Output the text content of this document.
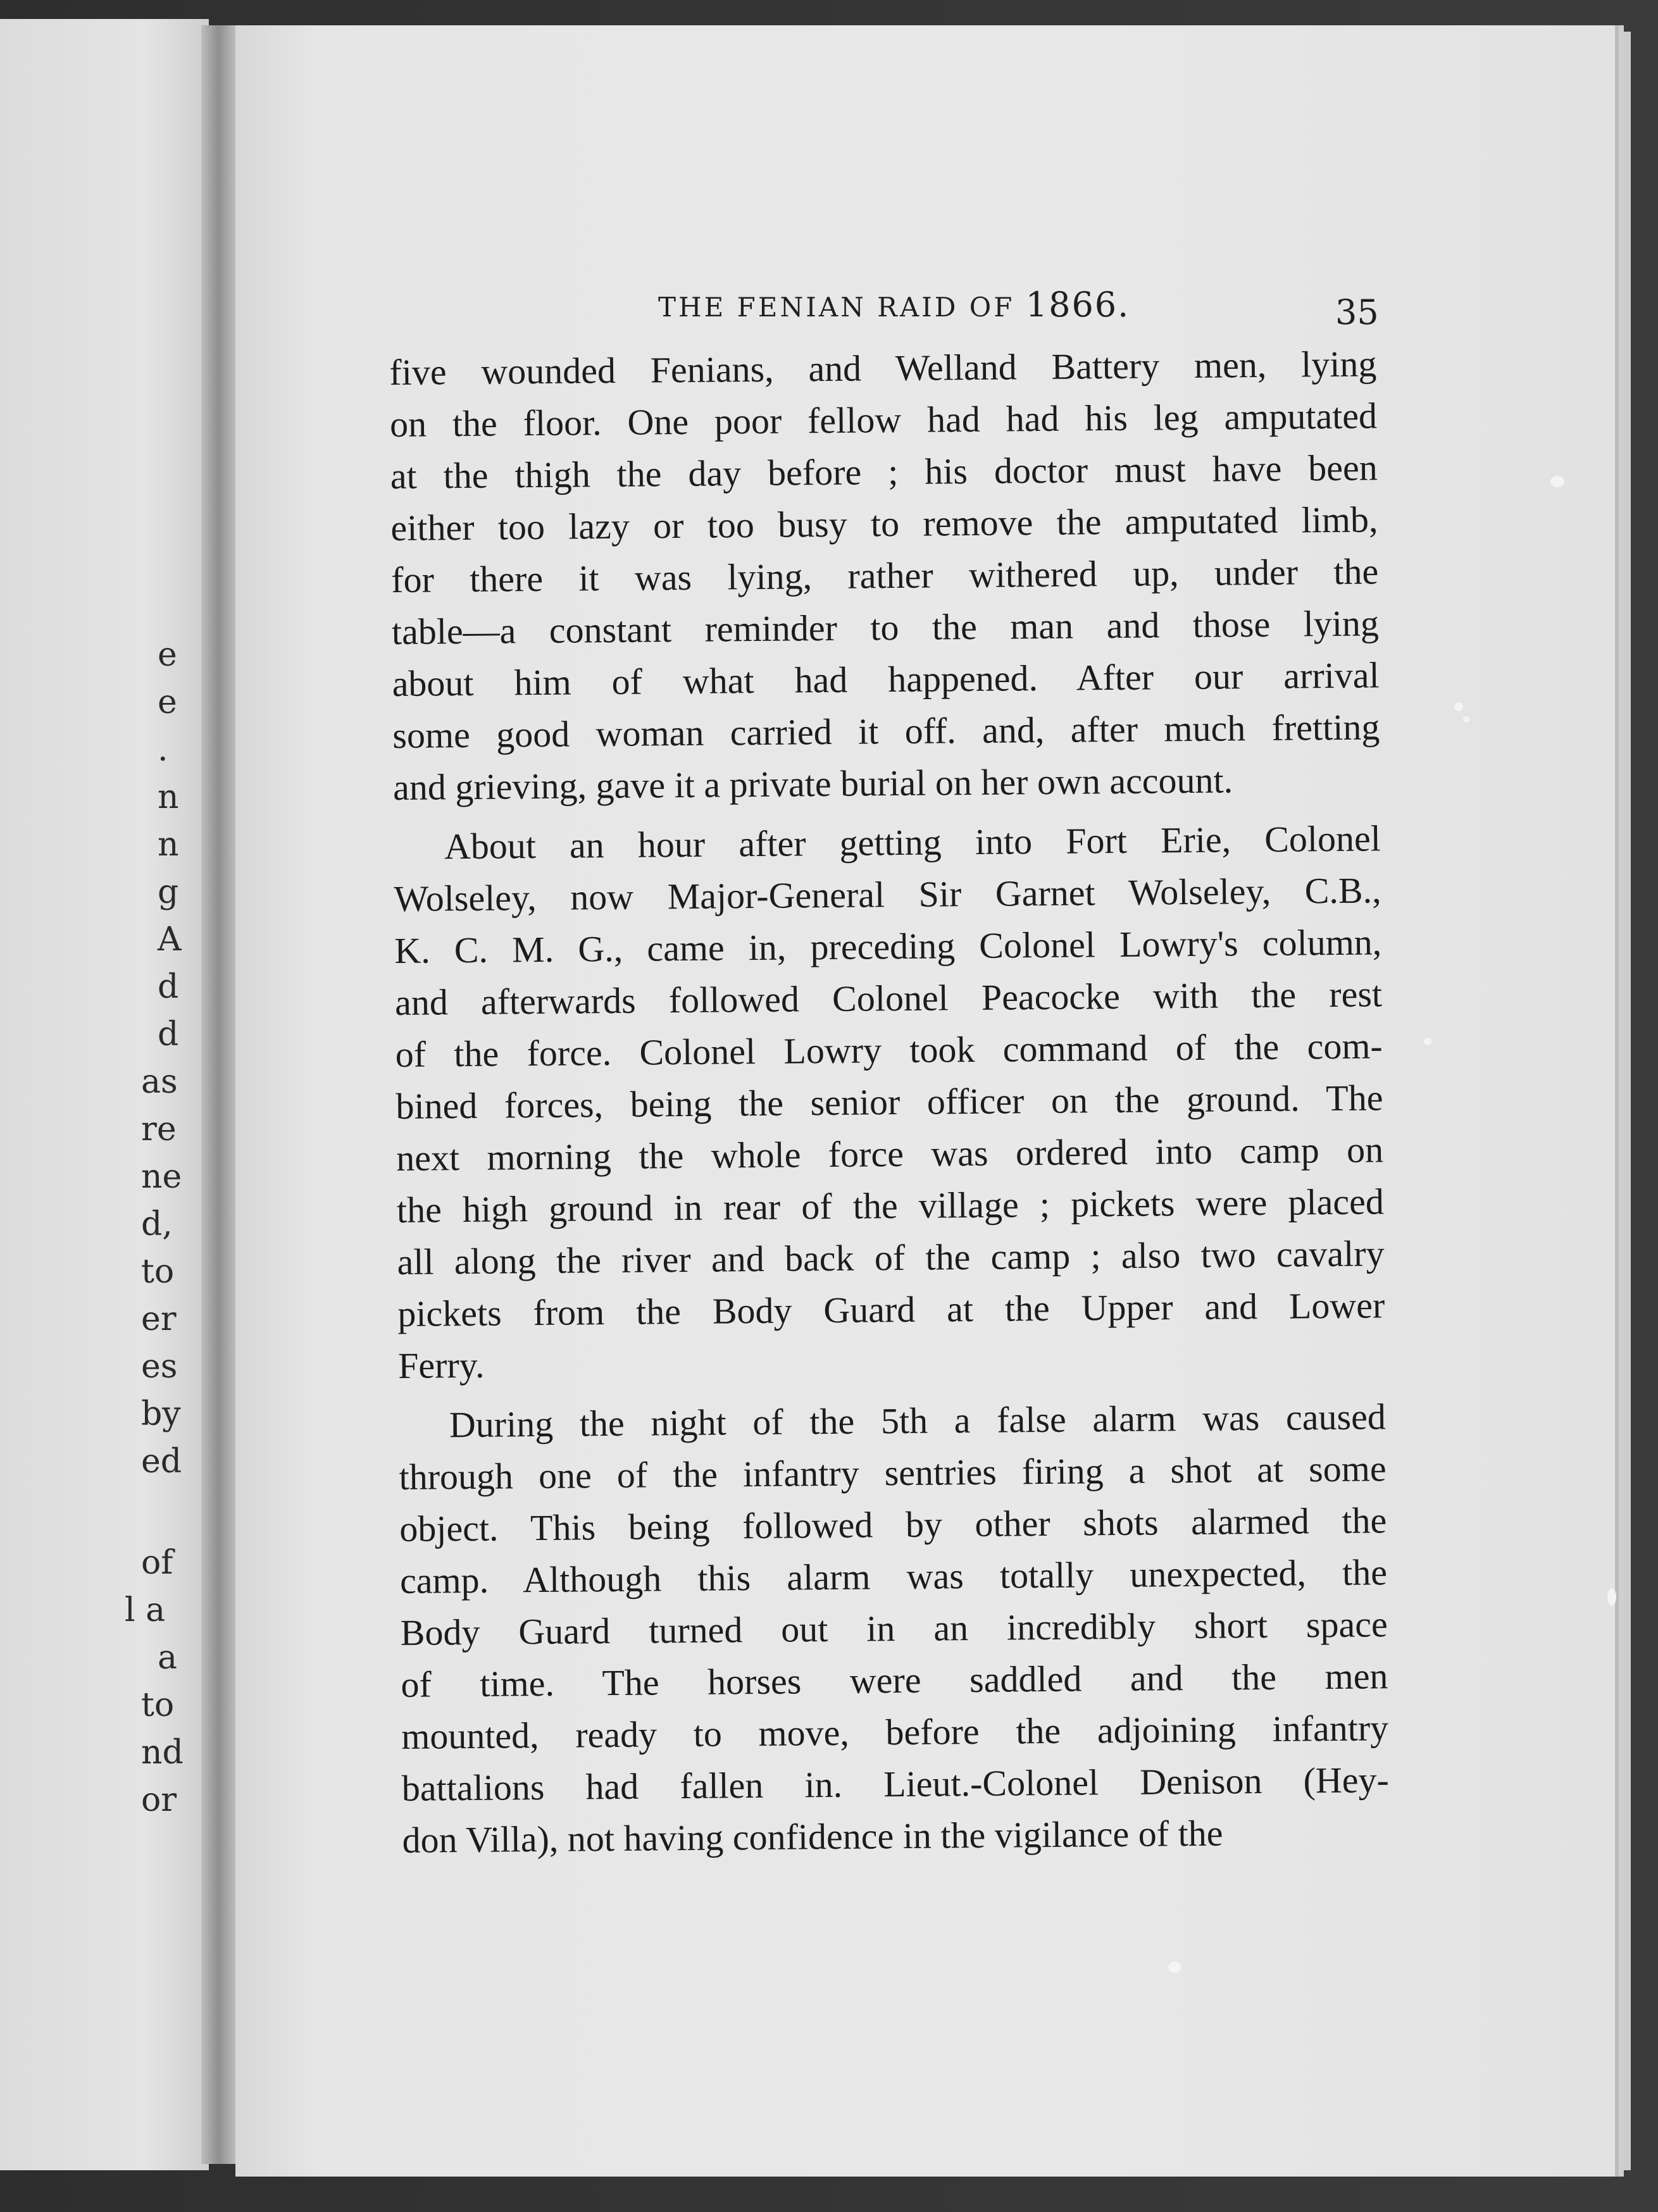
e
e
.
n
n
g
A
d
d
as
re
ne
d,
to
er
es
by
ed
of
l a
a
to
nd
or
THE FENIAN RAID OF 1866.	35
five wounded Fenians, and Welland Battery men, lying
on the floor. One poor fellow had had his leg amputated
at the thigh the day before ; his doctor must have been
either too lazy or too busy to remove the amputated limb,
for there it was lying, rather withered up, under the
table—a constant reminder to the man and those lying
about him of what had happened. After our arrival
some good woman carried it off. and, after much fretting
and grieving, gave it a private burial on her own account.
About an hour after getting into Fort Erie, Colonel
Wolseley, now Major-General Sir Garnet Wolseley, C.B.,
K. C. M. G., came in, preceding Colonel Lowry's column,
and afterwards followed Colonel Peacocke with the rest
of the force. Colonel Lowry took command of the com-
bined forces, being the senior officer on the ground. The
next morning the whole force was ordered into camp on
the high ground in rear of the village ; pickets were placed
all along the river and back of the camp ; also two cavalry
pickets from the Body Guard at the Upper and Lower
Ferry.
During the night of the 5th a false alarm was caused
through one of the infantry sentries firing a shot at some
object. This being followed by other shots alarmed the
camp. Although this alarm was totally unexpected, the
Body Guard turned out in an incredibly short space
of time. The horses were saddled and the men
mounted, ready to move, before the adjoining infantry
battalions had fallen in. Lieut.-Colonel Denison (Hey-
don Villa), not having confidence in the vigilance of the
